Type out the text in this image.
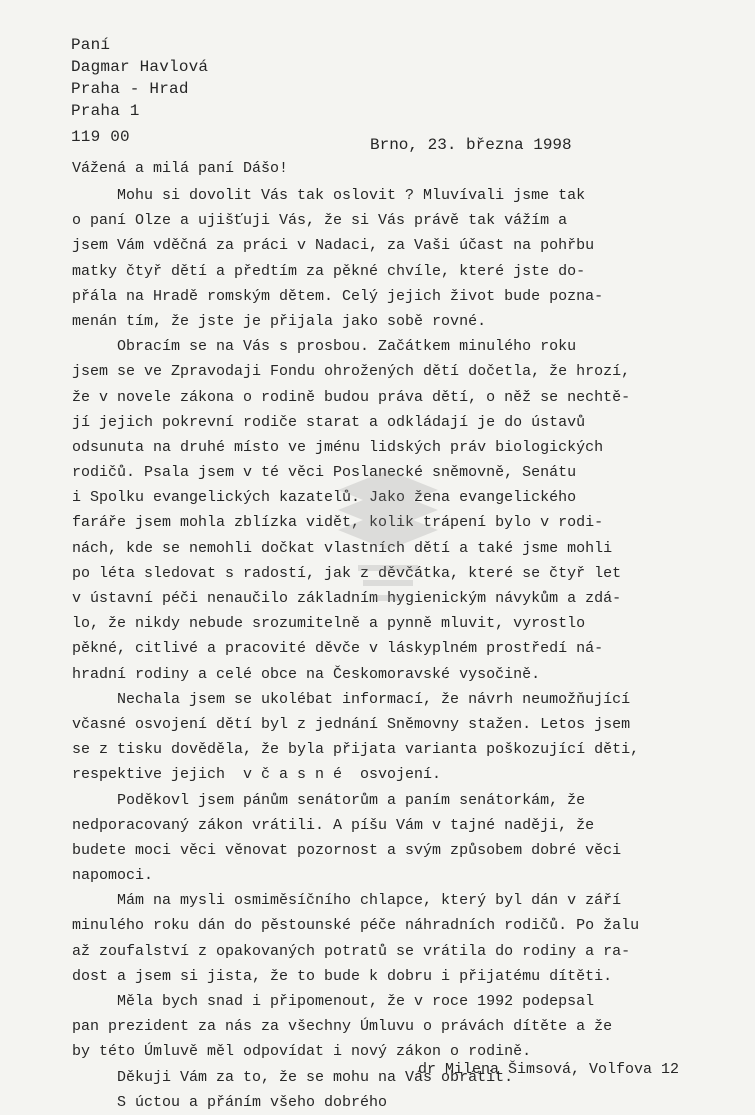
Paní
Dagmar Havlová
Praha - Hrad
Praha 1
119 00	Brno, 23. března 1998
Vážená a milá paní Dášo!
Mohu si dovolit Vás tak oslovit ? Mluvívali jsme tak
o paní Olze a ujišťuji Vás, že si Vás právě tak vážím a
jsem Vám vděčná za práci v Nadaci, za Vaši účast na pohřbu
matky čtyř dětí a předtím za pěkné chvíle, které jste do-
přála na Hradě romským dětem. Celý jejich život bude pozna-
menán tím, že jste je přijala jako sobě rovné.
Obracím se na Vás s prosbou. Začátkem minulého roku
jsem se ve Zpravodaji Fondu ohrožených dětí dočetla, že hrozí,
že v novele zákona o rodině budou práva dětí, o něž se nechtě-
jí jejich pokrevní rodiče starat a odkládají je do ústavů
odsunuta na druhé místo ve jménu lidských práv biologických
rodičů. Psala jsem v té věci Poslanecké sněmovně, Senátu
i Spolku evangelických kazatelů. Jako žena evangelického
faráře jsem mohla zblízka vidět, kolik trápení bylo v rodi-
nách, kde se nemohli dočkat vlastních dětí a také jsme mohli
po léta sledovat s radostí, jak z děvčátka, které se čtyř let
v ústavní péči nenaučilo základním hygienickým návykům a zdá-
lo, že nikdy nebude srozumitelně a pynně mluvit, vyrostlo
pěkné, citlivé a pracovité děvče v láskyplném prostředí ná-
hradní rodiny a celé obce na Českomoravské vysočině.
Nechala jsem se ukolébat informací, že návrh neumožňující
včasné osvojení dětí byl z jednání Sněmovny stažen. Letos jsem
se z tisku dověděla, že byla přijata varianta poškozující děti,
respektive jejich  v č a s n é  osvojení.
Poděkovl jsem pánům senátorům a paním senátorkám, že
nedporacovaný zákon vrátili. A píšu Vám v tajné naději, že
budete moci věci věnovat pozornost a svým způsobem dobré věci
napomoci.
Mám na mysli osmiměsíčního chlapce, který byl dán v září
minulého roku dán do pěstounské péče náhradních rodičů. Po žalu
až zoufalství z opakovaných potratů se vrátila do rodiny a ra-
dost a jsem si jista, že to bude k dobru i přijatému dítěti.
Měla bych snad i připomenout, že v roce 1992 podepsal
pan prezident za nás za všechny Úmluvu o právách dítěte a že
by této Úmluvě měl odpovídat i nový zákon o rodině.
Děkuji Vám za to, že se mohu na Vás obrátit.
S úctou a přáním všeho dobrého
dr Milena Šimsová, Volfova 12
